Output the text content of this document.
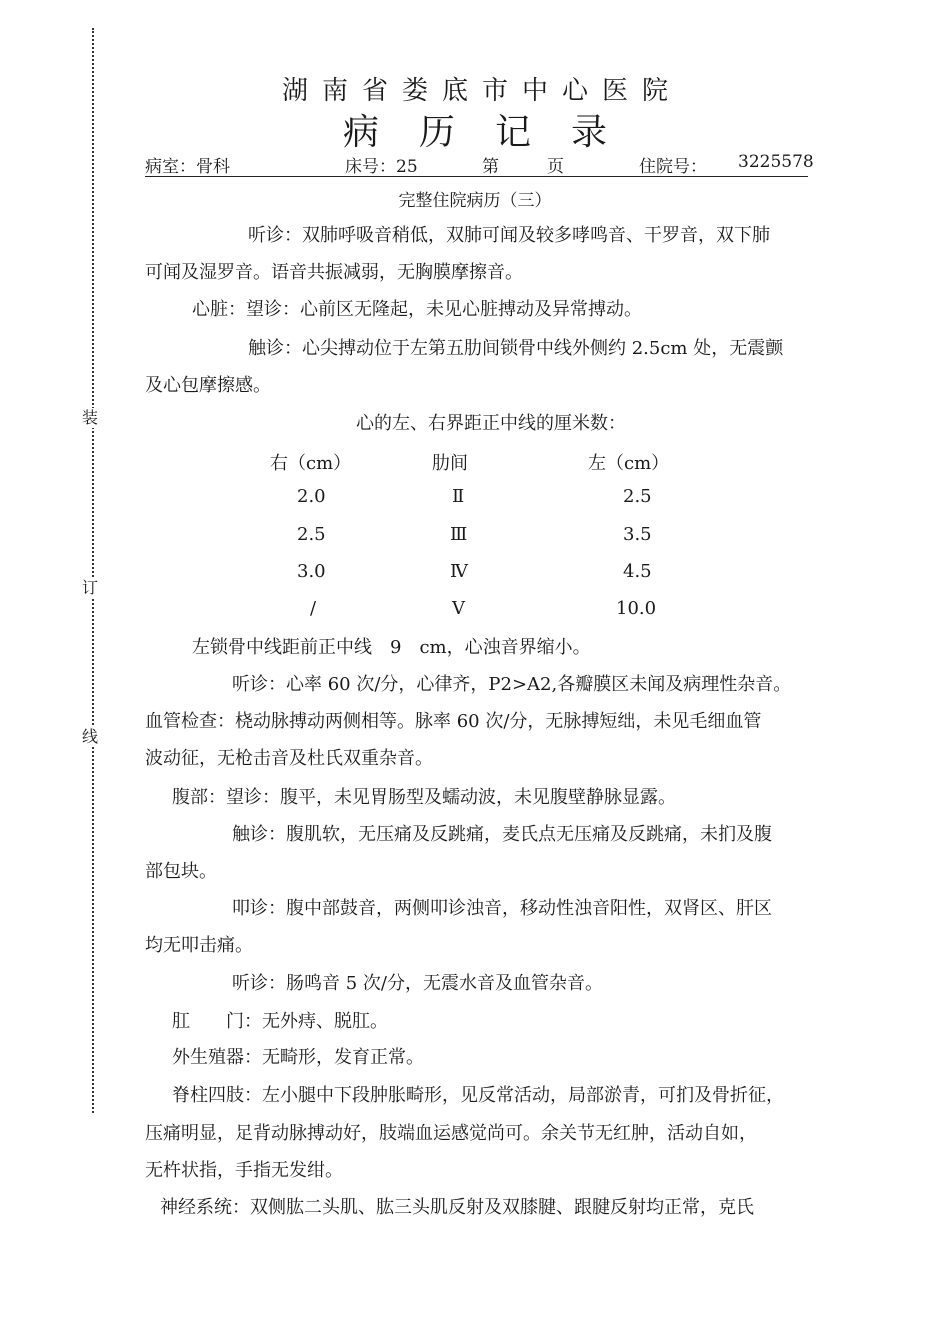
装
订
线
湖南省娄底市中心医院
病历记录
病室：骨科	床号：25	第	页	住院号： 3225578
完整住院病历（三）
听诊：双肺呼吸音稍低，双肺可闻及较多哮鸣音、干罗音，双下肺
可闻及湿罗音。语音共振减弱，无胸膜摩擦音。
心脏：望诊：心前区无隆起，未见心脏搏动及异常搏动。
触诊：心尖搏动位于左第五肋间锁骨中线外侧约 2.5cm 处，无震颤
及心包摩擦感。
心的左、右界距正中线的厘米数：
右（cm）	肋间	左（cm）
2.0	Ⅱ	2.5
2.5	Ⅲ	3.5
3.0	Ⅳ	4.5
/	Ⅴ	10.0
左锁骨中线距前正中线　9　cm，心浊音界缩小。
听诊：心率 60 次/分，心律齐，P2>A2,各瓣膜区未闻及病理性杂音。
血管检查：桡动脉搏动两侧相等。脉率 60 次/分，无脉搏短绌，未见毛细血管
波动征，无枪击音及杜氏双重杂音。
腹部：望诊：腹平，未见胃肠型及蠕动波，未见腹壁静脉显露。
触诊：腹肌软，无压痛及反跳痛，麦氏点无压痛及反跳痛，未扪及腹
部包块。
叩诊：腹中部鼓音，两侧叩诊浊音，移动性浊音阳性，双肾区、肝区
均无叩击痛。
听诊：肠鸣音 5 次/分，无震水音及血管杂音。
肛　　门：无外痔、脱肛。
外生殖器：无畸形，发育正常。
脊柱四肢：左小腿中下段肿胀畸形，见反常活动，局部淤青，可扪及骨折征，
压痛明显，足背动脉搏动好，肢端血运感觉尚可。余关节无红肿，活动自如，
无杵状指，手指无发绀。
神经系统：双侧肱二头肌、肱三头肌反射及双膝腱、跟腱反射均正常，克氏
